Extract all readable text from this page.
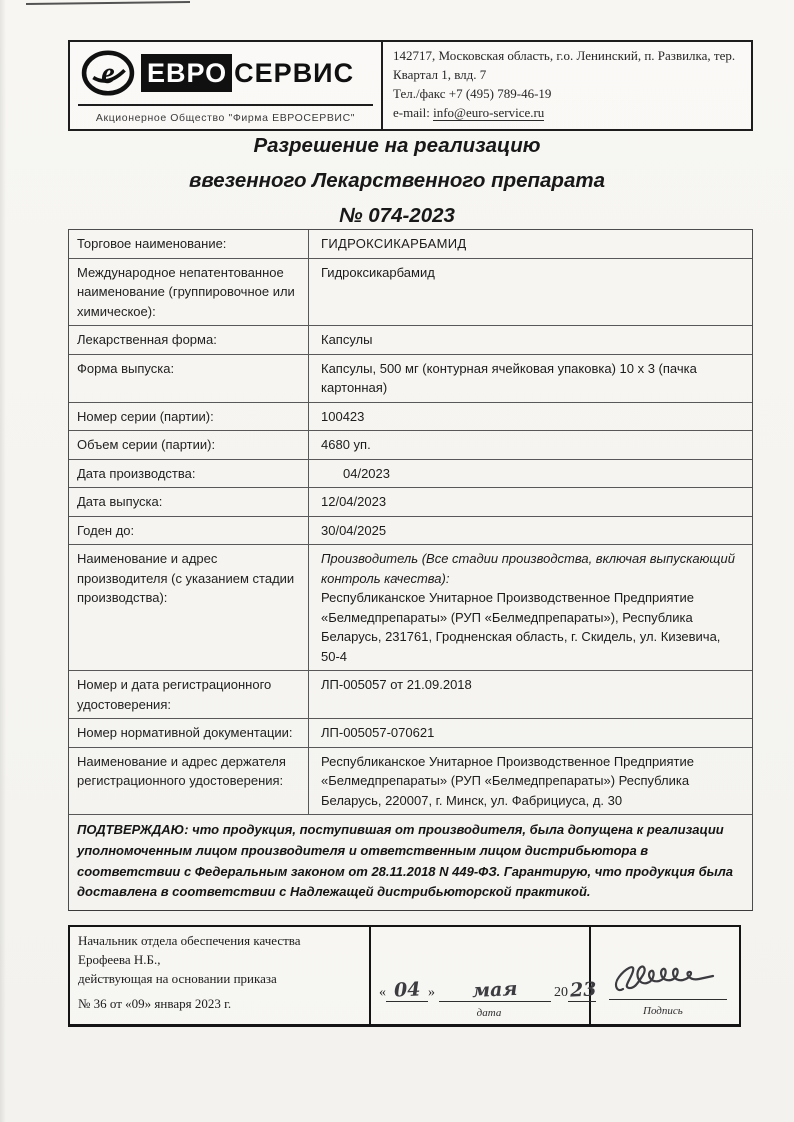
е ЕВРО СЕРВИС
Акционерное Общество "Фирма ЕВРОСЕРВИС"
142717, Московская область, г.о. Ленинский, п. Развилка, тер.
Квартал 1, влд. 7
Тел./факс +7 (495) 789-46-19
e-mail: info@euro-service.ru
Разрешение на реализацию
ввезенного Лекарственного препарата
№ 074-2023
Торговое наименование:	ГИДРОКСИКАРБАМИД
Международное непатентованное наименование (группировочное или химическое):
Гидроксикарбамид
Лекарственная форма:	Капсулы
Форма выпуска:	Капсулы, 500 мг (контурная ячейковая упаковка) 10 х 3 (пачка картонная)
Номер серии (партии):	100423
Объем серии (партии):	4680 уп.
Дата производства:	04/2023
Дата выпуска:	12/04/2023
Годен до:	30/04/2025
Наименование и адрес производителя (с указанием стадии производства):
Производитель (Все стадии производства, включая выпускающий контроль качества):
Республиканское Унитарное Производственное Предприятие «Белмедпрепараты» (РУП «Белмедпрепараты»), Республика Беларусь, 231761, Гродненская область, г. Скидель, ул. Кизевича, 50-4
Номер и дата регистрационного удостоверения:
ЛП-005057 от 21.09.2018
Номер нормативной документации:	ЛП-005057-070621
Наименование и адрес держателя регистрационного удостоверения:
Республиканское Унитарное Производственное Предприятие «Белмедпрепараты» (РУП «Белмедпрепараты») Республика Беларусь, 220007, г. Минск, ул. Фабрициуса, д. 30
ПОДТВЕРЖДАЮ: что продукция, поступившая от производителя, была допущена к реализации уполномоченным лицом производителя и ответственным лицом дистрибьютора в соответствии с Федеральным законом от 28.11.2018 N 449-ФЗ. Гарантирую, что продукция была доставлена в соответствии с Надлежащей дистрибьюторской практикой.
Начальник отдела обеспечения качества
Ерофеева Н.Б.,
действующая на основании приказа
№ 36 от «09» января 2023 г.
« 04 » мая	2023
дата	Подпись
